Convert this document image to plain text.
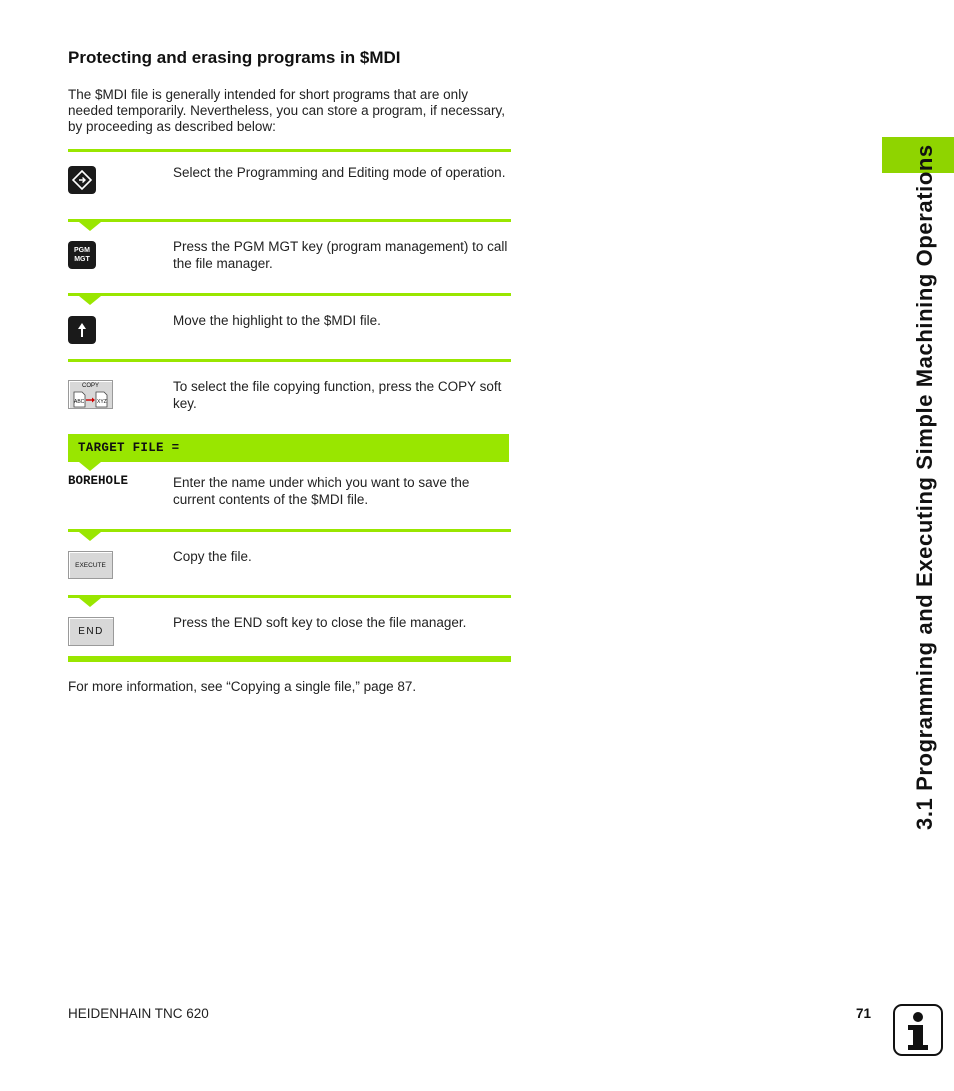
Protecting and erasing programs in $MDI
The $MDI file is generally intended for short programs that are only needed temporarily. Nevertheless, you can store a program, if necessary, by proceeding as described below:
Select the Programming and Editing mode of operation.
PGM
MGT
Press the PGM MGT key (program management) to call the file manager.
Move the highlight to the $MDI file.
COPY
ABC	XYZ
To select the file copying function, press the COPY soft key.
TARGET FILE =
BOREHOLE	Enter the name under which you want to save the current contents of the $MDI file.
EXECUTE
Copy the file.
END
Press the END soft key to close the file manager.
For more information, see “Copying a single file,” page 87.	3.1 Programming and Executing Simple Machining Operations
HEIDENHAIN TNC 620	71
